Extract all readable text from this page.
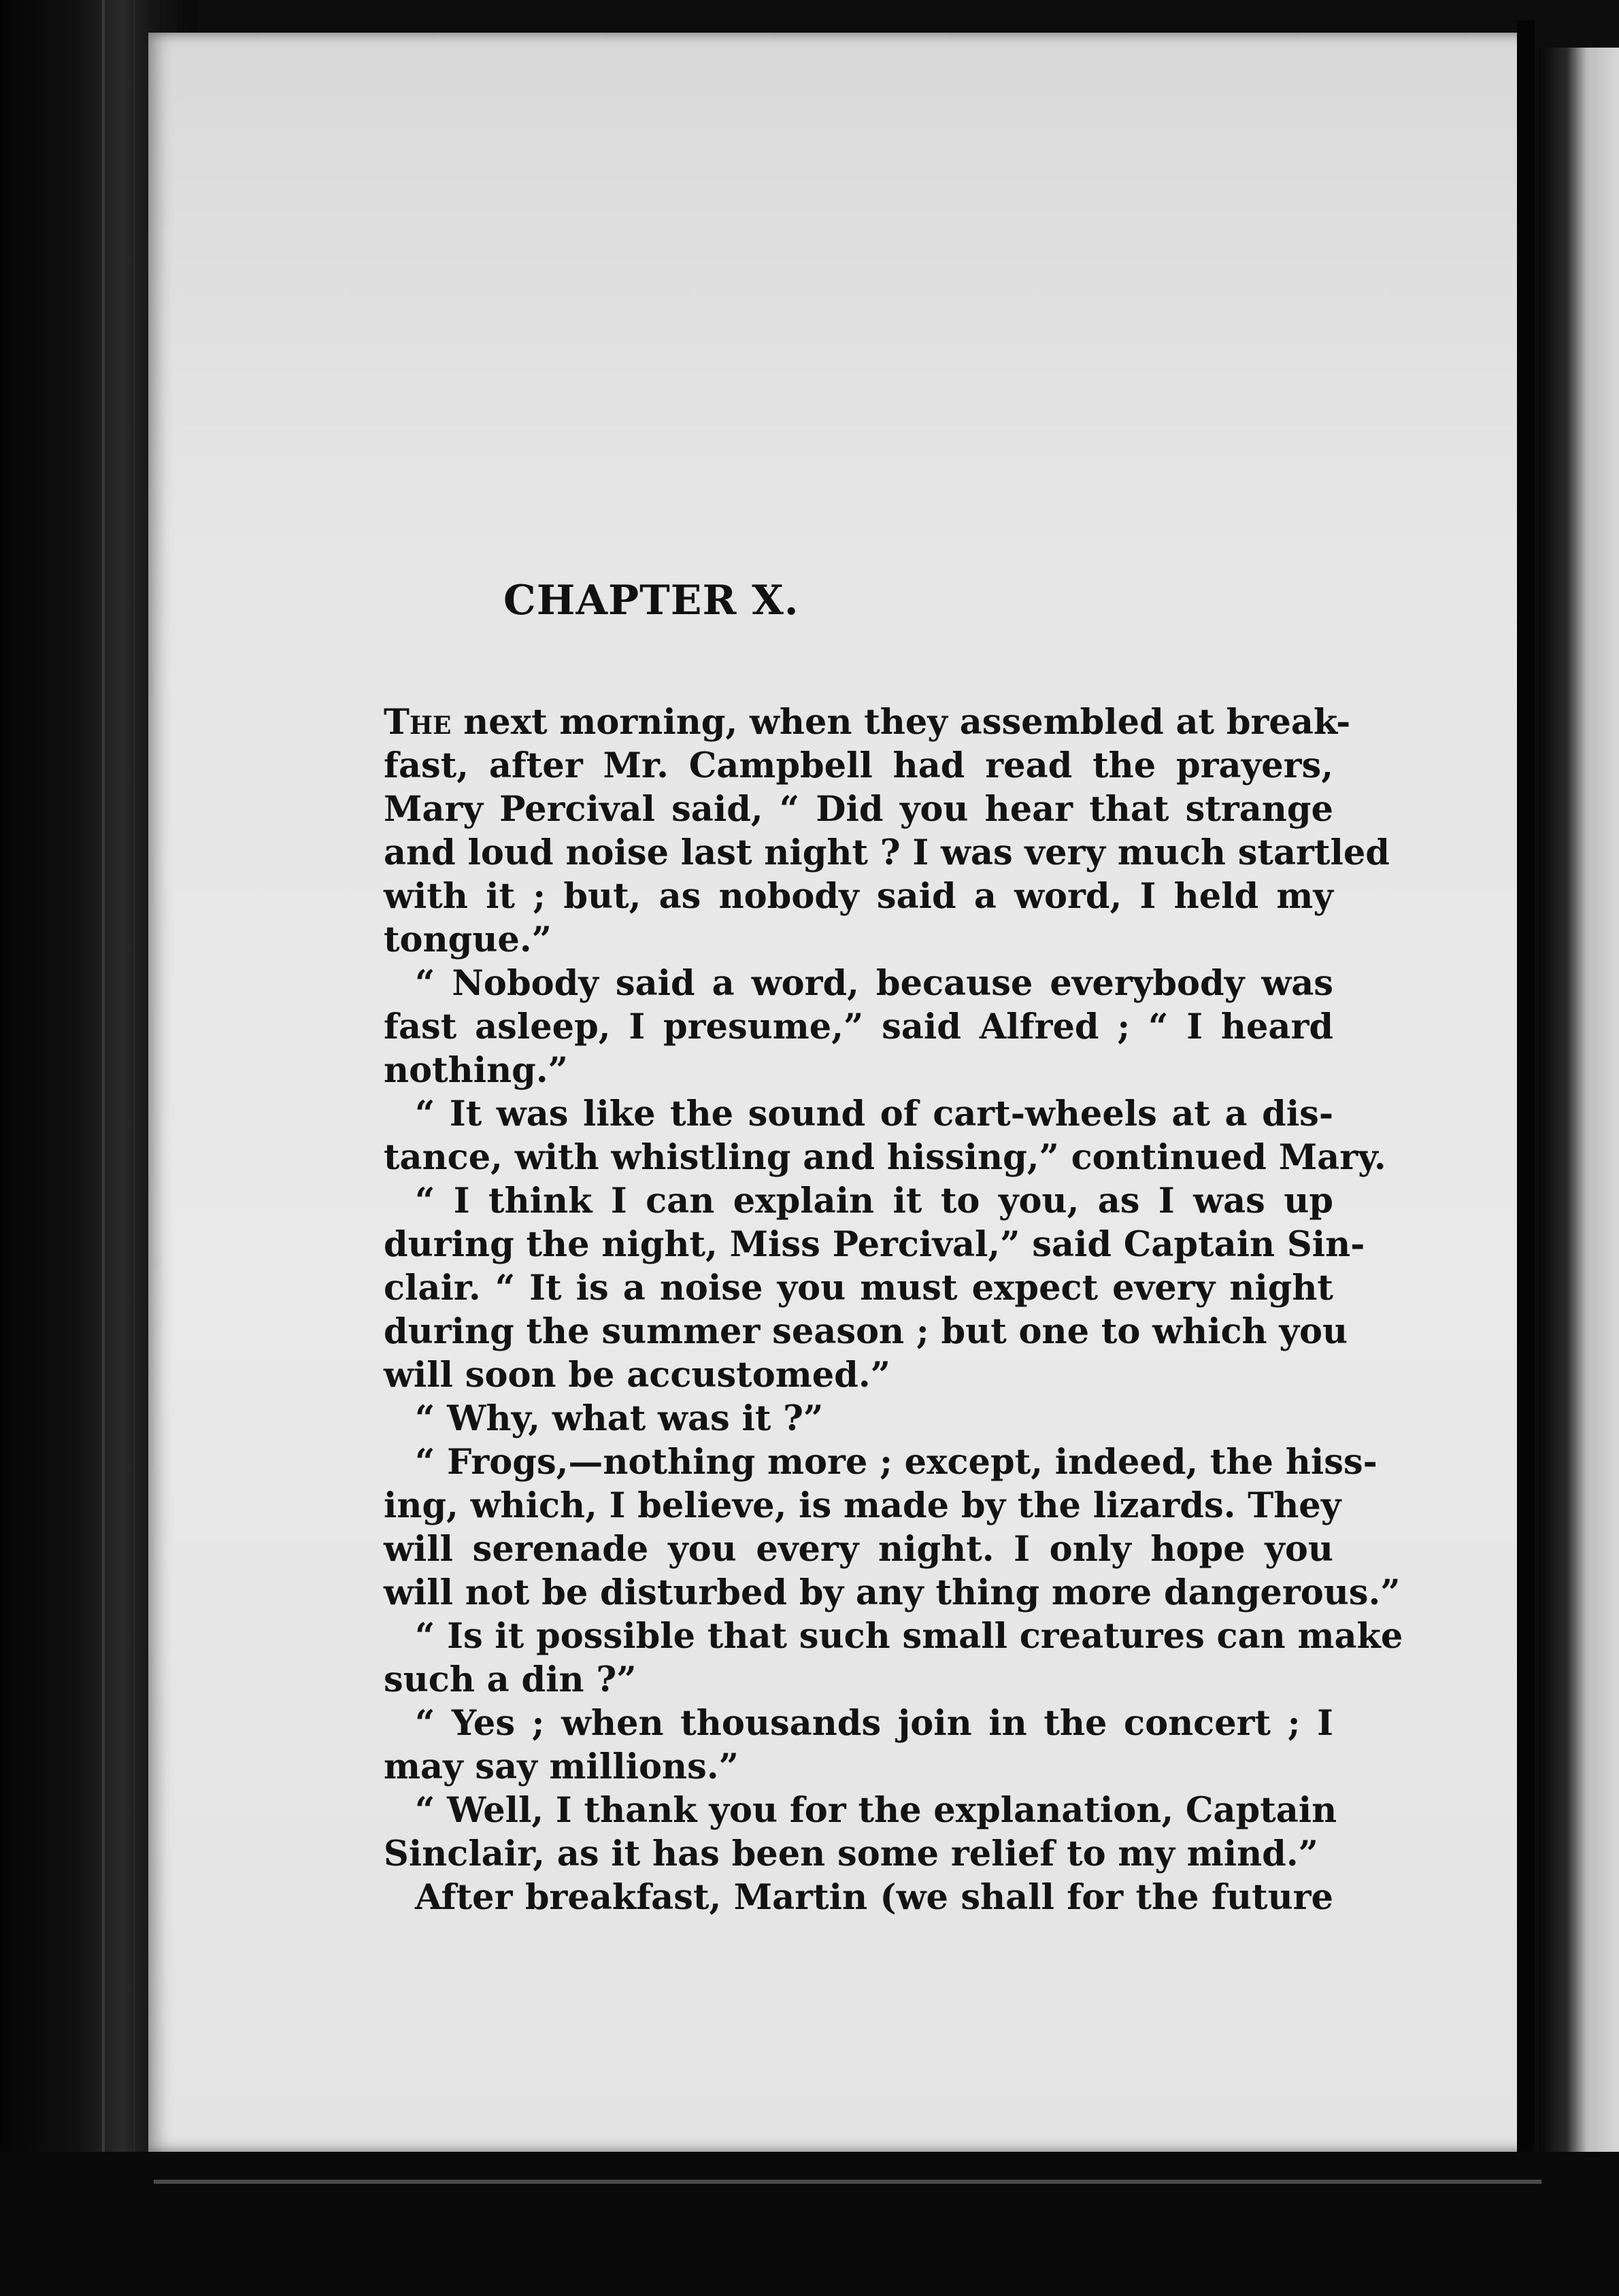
CHAPTER X.
The next morning, when they assembled at break-
fast, after Mr. Campbell had read the prayers,
Mary Percival said, “ Did you hear that strange
and loud noise last night ? I was very much startled
with it ; but, as nobody said a word, I held my
tongue.”
“ Nobody said a word, because everybody was
fast asleep, I presume,” said Alfred ; “ I heard
nothing.”
“ It was like the sound of cart-wheels at a dis-
tance, with whistling and hissing,” continued Mary.
“ I think I can explain it to you, as I was up
during the night, Miss Percival,” said Captain Sin-
clair. “ It is a noise you must expect every night
during the summer season ; but one to which you
will soon be accustomed.”
“ Why, what was it ?”
“ Frogs,—nothing more ; except, indeed, the hiss-
ing, which, I believe, is made by the lizards. They
will serenade you every night. I only hope you
will not be disturbed by any thing more dangerous.”
“ Is it possible that such small creatures can make
such a din ?”
“ Yes ; when thousands join in the concert ; I
may say millions.”
“ Well, I thank you for the explanation, Captain
Sinclair, as it has been some relief to my mind.”
After breakfast, Martin (we shall for the future
